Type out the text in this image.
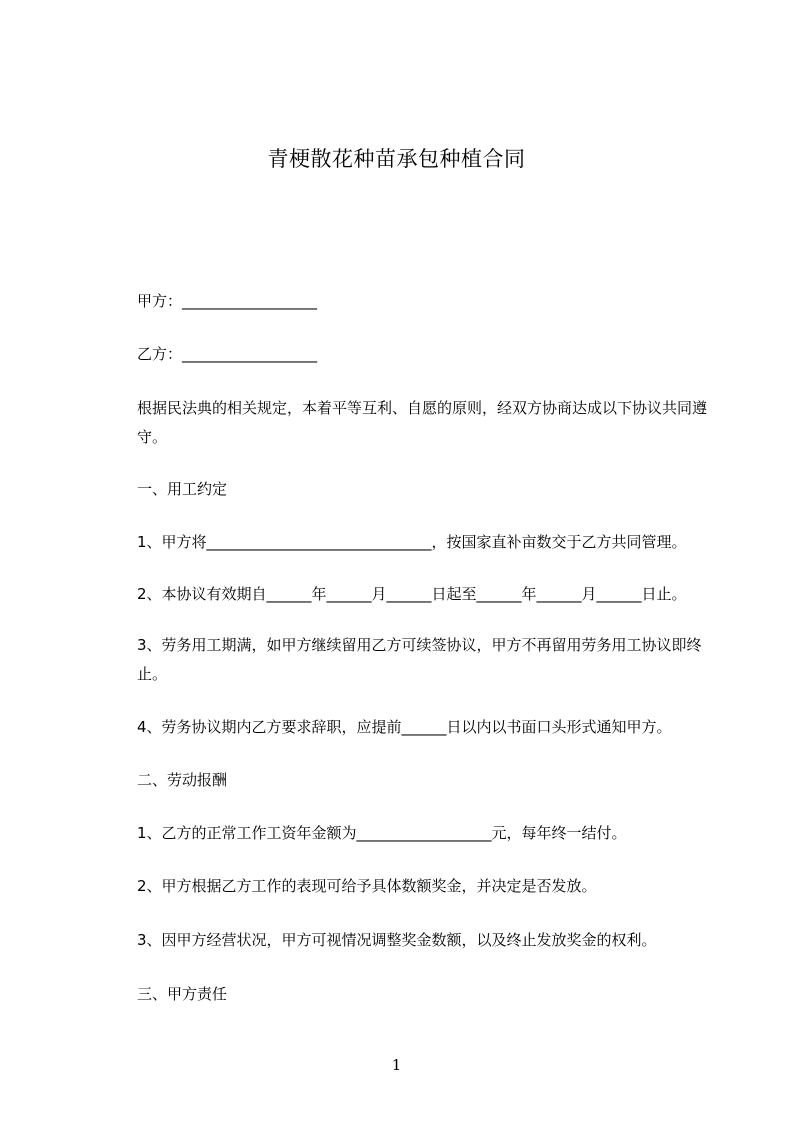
青梗散花种苗承包种植合同
甲方：__________________
乙方：__________________
根据民法典的相关规定，本着平等互利、自愿的原则，经双方协商达成以下协议共同遵守。
一、用工约定
1、甲方将______________________________，按国家直补亩数交于乙方共同管理。
2、本协议有效期自______年______月______日起至______年______月______日止。
3、劳务用工期满，如甲方继续留用乙方可续签协议，甲方不再留用劳务用工协议即终止。
4、劳务协议期内乙方要求辞职，应提前______日以内以书面口头形式通知甲方。
二、劳动报酬
1、乙方的正常工作工资年金额为__________________元，每年终一结付。
2、甲方根据乙方工作的表现可给予具体数额奖金，并决定是否发放。
3、因甲方经营状况，甲方可视情况调整奖金数额，以及终止发放奖金的权利。
三、甲方责任
1
